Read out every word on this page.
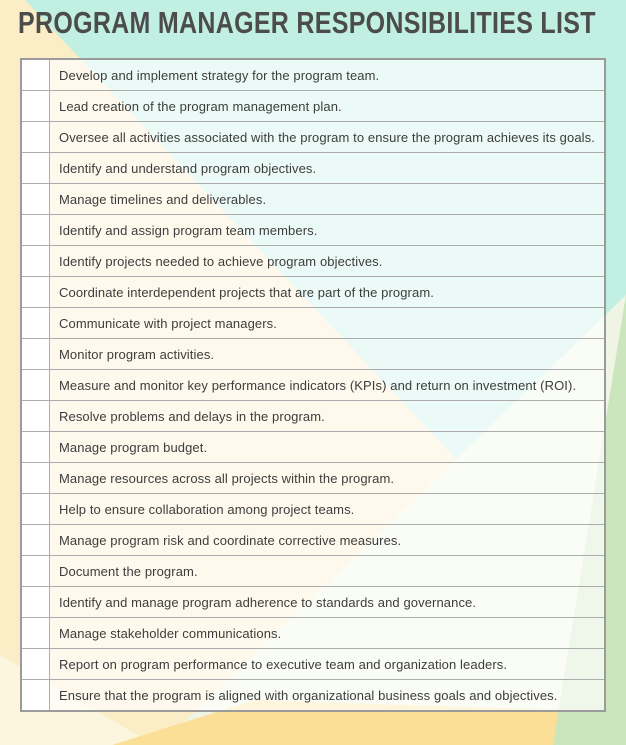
PROGRAM MANAGER RESPONSIBILITIES LIST
Develop and implement strategy for the program team.
Lead creation of the program management plan.
Oversee all activities associated with the program to ensure the program achieves its goals.
Identify and understand program objectives.
Manage timelines and deliverables.
Identify and assign program team members.
Identify projects needed to achieve program objectives.
Coordinate interdependent projects that are part of the program.
Communicate with project managers.
Monitor program activities.
Measure and monitor key performance indicators (KPIs) and return on investment (ROI).
Resolve problems and delays in the program.
Manage program budget.
Manage resources across all projects within the program.
Help to ensure collaboration among project teams.
Manage program risk and coordinate corrective measures.
Document the program.
Identify and manage program adherence to standards and governance.
Manage stakeholder communications.
Report on program performance to executive team and organization leaders.
Ensure that the program is aligned with organizational business goals and objectives.
